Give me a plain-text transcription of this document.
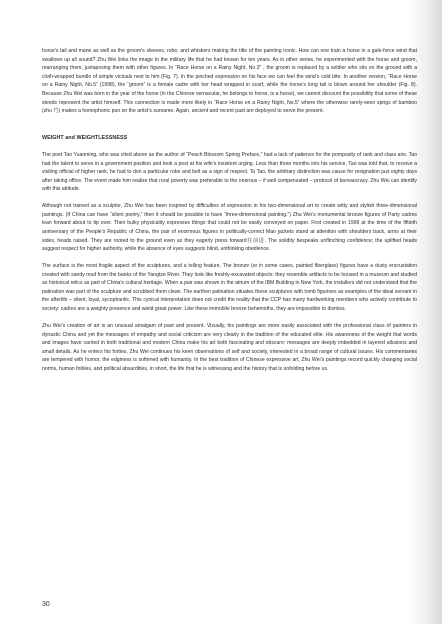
horse’s tail and mane as well as the groom’s sleeves, robe, and whiskers making the title of the painting ironic. How can one train a horse in a gale-force wind that swallows up all sound? Zhu Wei links the image to the military life that he had known for ten years. As in other series, he experimented with the horse and groom, rearranging them, juxtaposing them with other figures. In “Race Horse on a Rainy Night, No.3” , the groom is replaced by a soldier who sits on the ground with a cloth-wrapped bundle of simple victuals next to him (Fig. 7). In the pinched expression on his face we can feel the wind’s cold bite. In another version, “Race Horse on a Rainy Night, No.5” (1998), the “groom” is a female cadre with her head wrapped in scarf, while the horse’s long tail is blown around her shoulder (Fig. 8). Because Zhu Wei was born in the year of the horse (in the Chinese vernacular, he belongs to horse, is a horse), we cannot discount the possibility that some of these steeds represent the artist himself. This connection is made more likely in “Race Horse on a Rainy Night, No.5” where the otherwise rarely-seen sprigs of bamboo (zhu 竹) makes a homophonic pun on the artist’s surname. Again, ancient and recent past are deployed to serve the present.

WEIGHT and WEIGHTLESSNESS

The poet Tao Yuanming, who was cited above as the author of “Peach Blossom Spring Preface,” had a lack of patience for the pomposity of rank and class airs. Tao had the talent to serve in a government position and took a post at his wife’s insistent urging. Less than three months into his service, Tao was told that, to receive a visiting official of higher rank, he had to don a particular robe and belt as a sign of respect. To Tao, the arbitrary distinction was cause for resignation just eighty days after taking office. The event made him realize that rural poverty was preferable to the onerous – if well compensated – protocol of bureaucracy. Zhu Wei can identify with this attitude.

Although not trained as a sculptor, Zhu Wei has been inspired by difficulties of expression in his two-dimensional art to create witty and stylish three-dimensional paintings. (If China can have “silent poetry,” then it should be possible to have “three-dimensional painting.”) Zhu Wei’s monumental bronze figures of Party cadres lean forward about to tip over. Their bulky physicality expresses things that could not be easily conveyed on paper. First created in 1999 at the time of the fiftieth anniversary of the People’s Republic of China, the pair of enormous figures in politically-correct Mao jackets stand at attention with shoulders back, arms at their sides, heads raised. They are rooted to the ground even as they eagerly press forward往前进. The solidity bespeaks unflinching confidence; the uplifted heads suggest respect for higher authority, while the absence of eyes suggests blind, unthinking obedience.

The surface is the most fragile aspect of the sculptures, and a telling feature. The bronze (or in some cases, painted fiberglass) figures have a dusty encrustation created with sandy mud from the banks of the Yangtze River. They look like freshly-excavated objects: they resemble artifacts to be housed in a museum and studied as historical relics as part of China’s cultural heritage. When a pair was shown in the atrium of the IBM Building in New York, the installers did not understand that the patination was part of the sculpture and scrubbed them clean. The earthen patination situates these sculptures with tomb figurines as examples of the ideal servant in the afterlife – silent, loyal, sycophantic. This cynical interpretation does not credit the reality that the CCP has many hardworking members who actively contribute to society: cadres are a weighty presence and wield great power. Like these immobile bronze behemoths, they are impossible to dismiss.

Zhu Wei’s creation of art is an unusual amalgam of past and present. Visually, his paintings are more easily associated with the professional class of painters in dynastic China and yet the messages of empathy and social criticism are very clearly in the tradition of the educated elite. His awareness of the weight that words and images have carried in both traditional and modern China make his art both fascinating and obscure: messages are deeply imbedded in layered allusions and small details. As he enters his forties, Zhu Wei continues his keen observations of self and society, interested in a broad range of cultural issues. His commentaries are tempered with humor, the edginess is softened with humanity. In the best tradition of Chinese expressive art, Zhu Wei’s paintings record quickly changing social norms, human foibles, and political absurdities, in short, the life that he is witnessing and the history that is unfolding before us.

30
